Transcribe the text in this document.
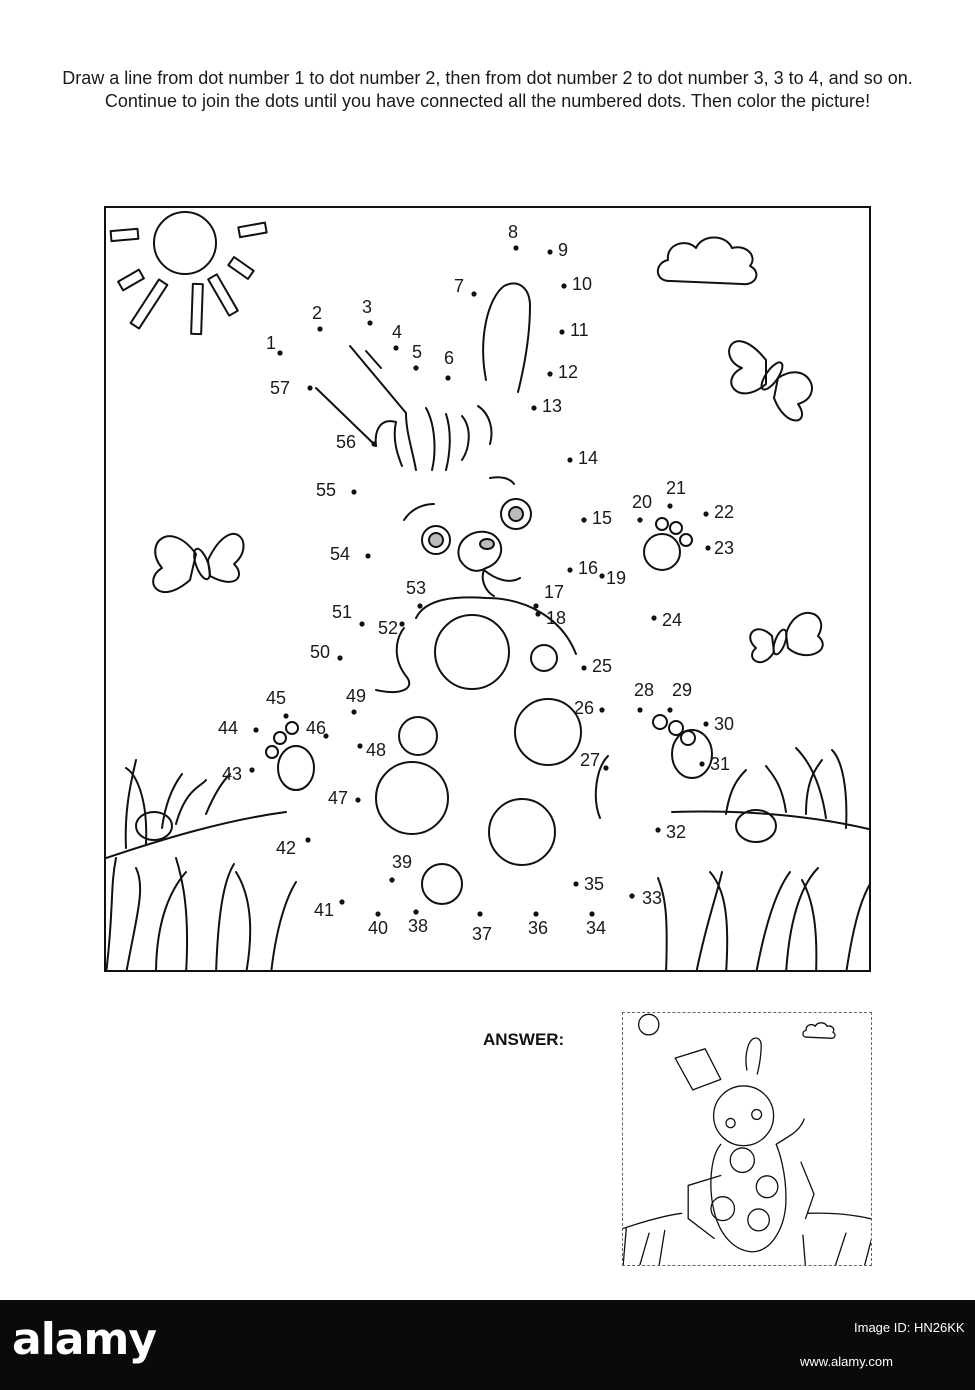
Draw a line from dot number 1 to dot number 2, then from dot number 2 to dot number 3, 3 to 4, and so on. Continue to join the dots until you have connected all the numbered dots. Then color the picture!
1
2 3
4
5 6
7
8
9
10
11
12
13
14
15
16
17
18
19
20
21
22
23
24
25
26
27
28 29
30
31
32
33
34
35
36
37
38
39
40
41
42
43
44
45
46
47
48
49
50
51
52
53
54
55
56
57
ANSWER:
alamy	Image ID: HN26KK
www.alamy.com
